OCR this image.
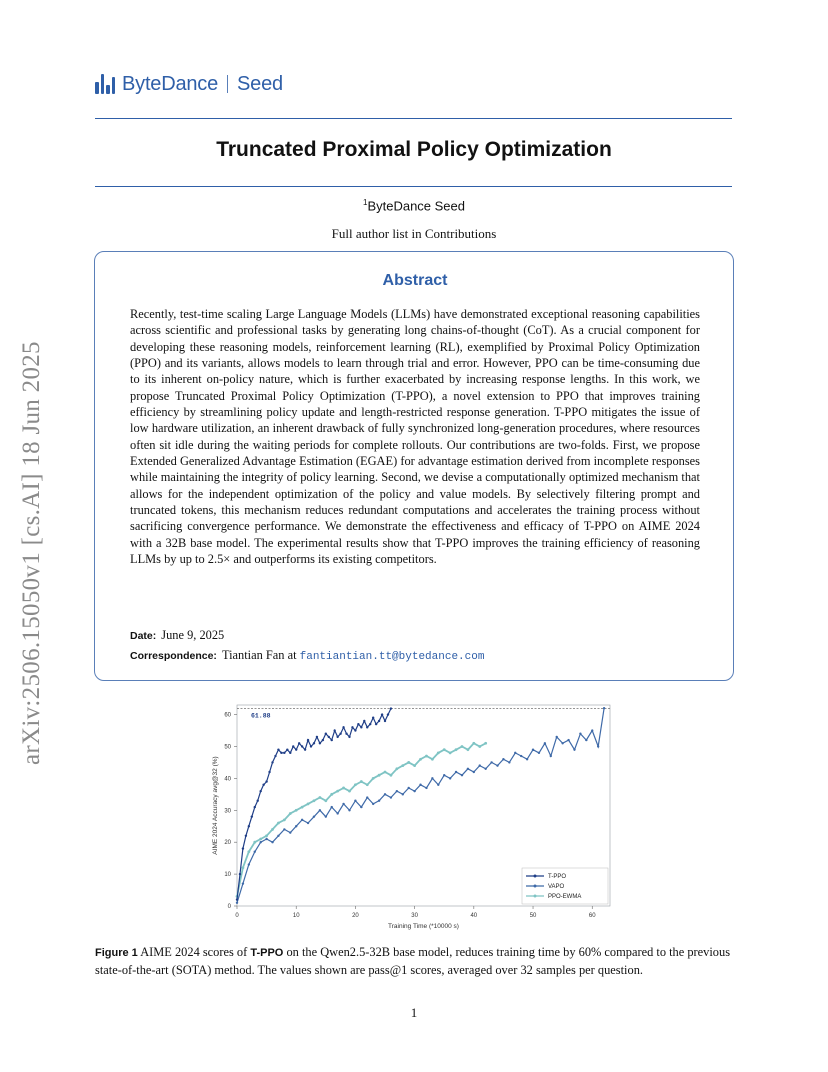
ByteDance Seed
Truncated Proximal Policy Optimization
$^1$ByteDance Seed
Full author list in Contributions
Abstract
Recently, test-time scaling Large Language Models (LLMs) have demonstrated exceptional reasoning capabilities across scientific and professional tasks by generating long chains-of-thought (CoT). As a crucial component for developing these reasoning models, reinforcement learning (RL), exemplified by Proximal Policy Optimization (PPO) and its variants, allows models to learn through trial and error. However, PPO can be time-consuming due to its inherent on-policy nature, which is further exacerbated by increasing response lengths. In this work, we propose Truncated Proximal Policy Optimization (T-PPO), a novel extension to PPO that improves training efficiency by streamlining policy update and length-restricted response generation. T-PPO mitigates the issue of low hardware utilization, an inherent drawback of fully synchronized long-generation procedures, where resources often sit idle during the waiting periods for complete rollouts. Our contributions are two-folds. First, we propose Extended Generalized Advantage Estimation (EGAE) for advantage estimation derived from incomplete responses while maintaining the integrity of policy learning. Second, we devise a computationally optimized mechanism that allows for the independent optimization of the policy and value models. By selectively filtering prompt and truncated tokens, this mechanism reduces redundant computations and accelerates the training process without sacrificing convergence performance. We demonstrate the effectiveness and efficacy of T-PPO on AIME 2024 with a 32B base model. The experimental results show that T-PPO improves the training efficiency of reasoning LLMs by up to 2.5× and outperforms its existing competitors.
Date: June 9, 2025
Correspondence: Tiantian Fan at fantiantian.tt@bytedance.com
arXiv:2506.15050v1 [cs.AI] 18 Jun 2025
0	10	20	30	40	50	60
0
10
20
30
40
50
60
Training Time (*10000 s)
AIME 2024 Accuracy avg@32 (%)
61.88
T-PPO
VAPO
PPO-EWMA
Figure 1 AIME 2024 scores of T-PPO on the Qwen2.5-32B base model, reduces training time by 60% compared to the previous state-of-the-art (SOTA) method. The values shown are pass@1 scores, averaged over 32 samples per question.
1
